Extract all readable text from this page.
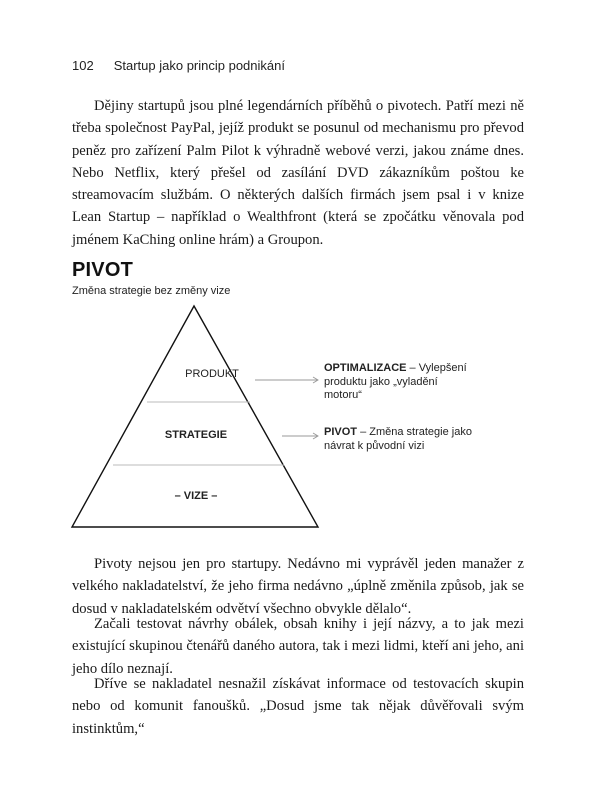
102 Startup jako princip podnikání

Dějiny startupů jsou plné legendárních příběhů o pivotech. Patří mezi ně třeba společnost PayPal, jejíž produkt se posunul od mechanismu pro převod peněz pro zařízení Palm Pilot k výhradně webové verzi, jakou známe dnes. Nebo Netflix, který přešel od zasílání DVD zákazníkům poštou ke streamovacím službám. O některých dalších firmách jsem psal i v knize Lean Startup – například o Wealthfront (která se zpočátku věnovala pod jménem KaChing online hrám) a Groupon.

PIVOT
Změna strategie bez změny vize
PRODUKT
STRATEGIE
– VIZE –
OPTIMALIZACE – Vylepšení produktu jako „vyladění motoru“
PIVOT – Změna strategie jako návrat k původní vizi

Pivoty nejsou jen pro startupy. Nedávno mi vyprávěl jeden manažer z velkého nakladatelství, že jeho firma nedávno „úplně změnila způsob, jak se dosud v nakladatelském odvětví všechno obvykle dělalo“.

Začali testovat návrhy obálek, obsah knihy i její názvy, a to jak mezi existující skupinou čtenářů daného autora, tak i mezi lidmi, kteří ani jeho, ani jeho dílo neznají.

Dříve se nakladatel nesnažil získávat informace od testovacích skupin nebo od komunit fanoušků. „Dosud jsme tak nějak důvěřovali svým instinktům,“
